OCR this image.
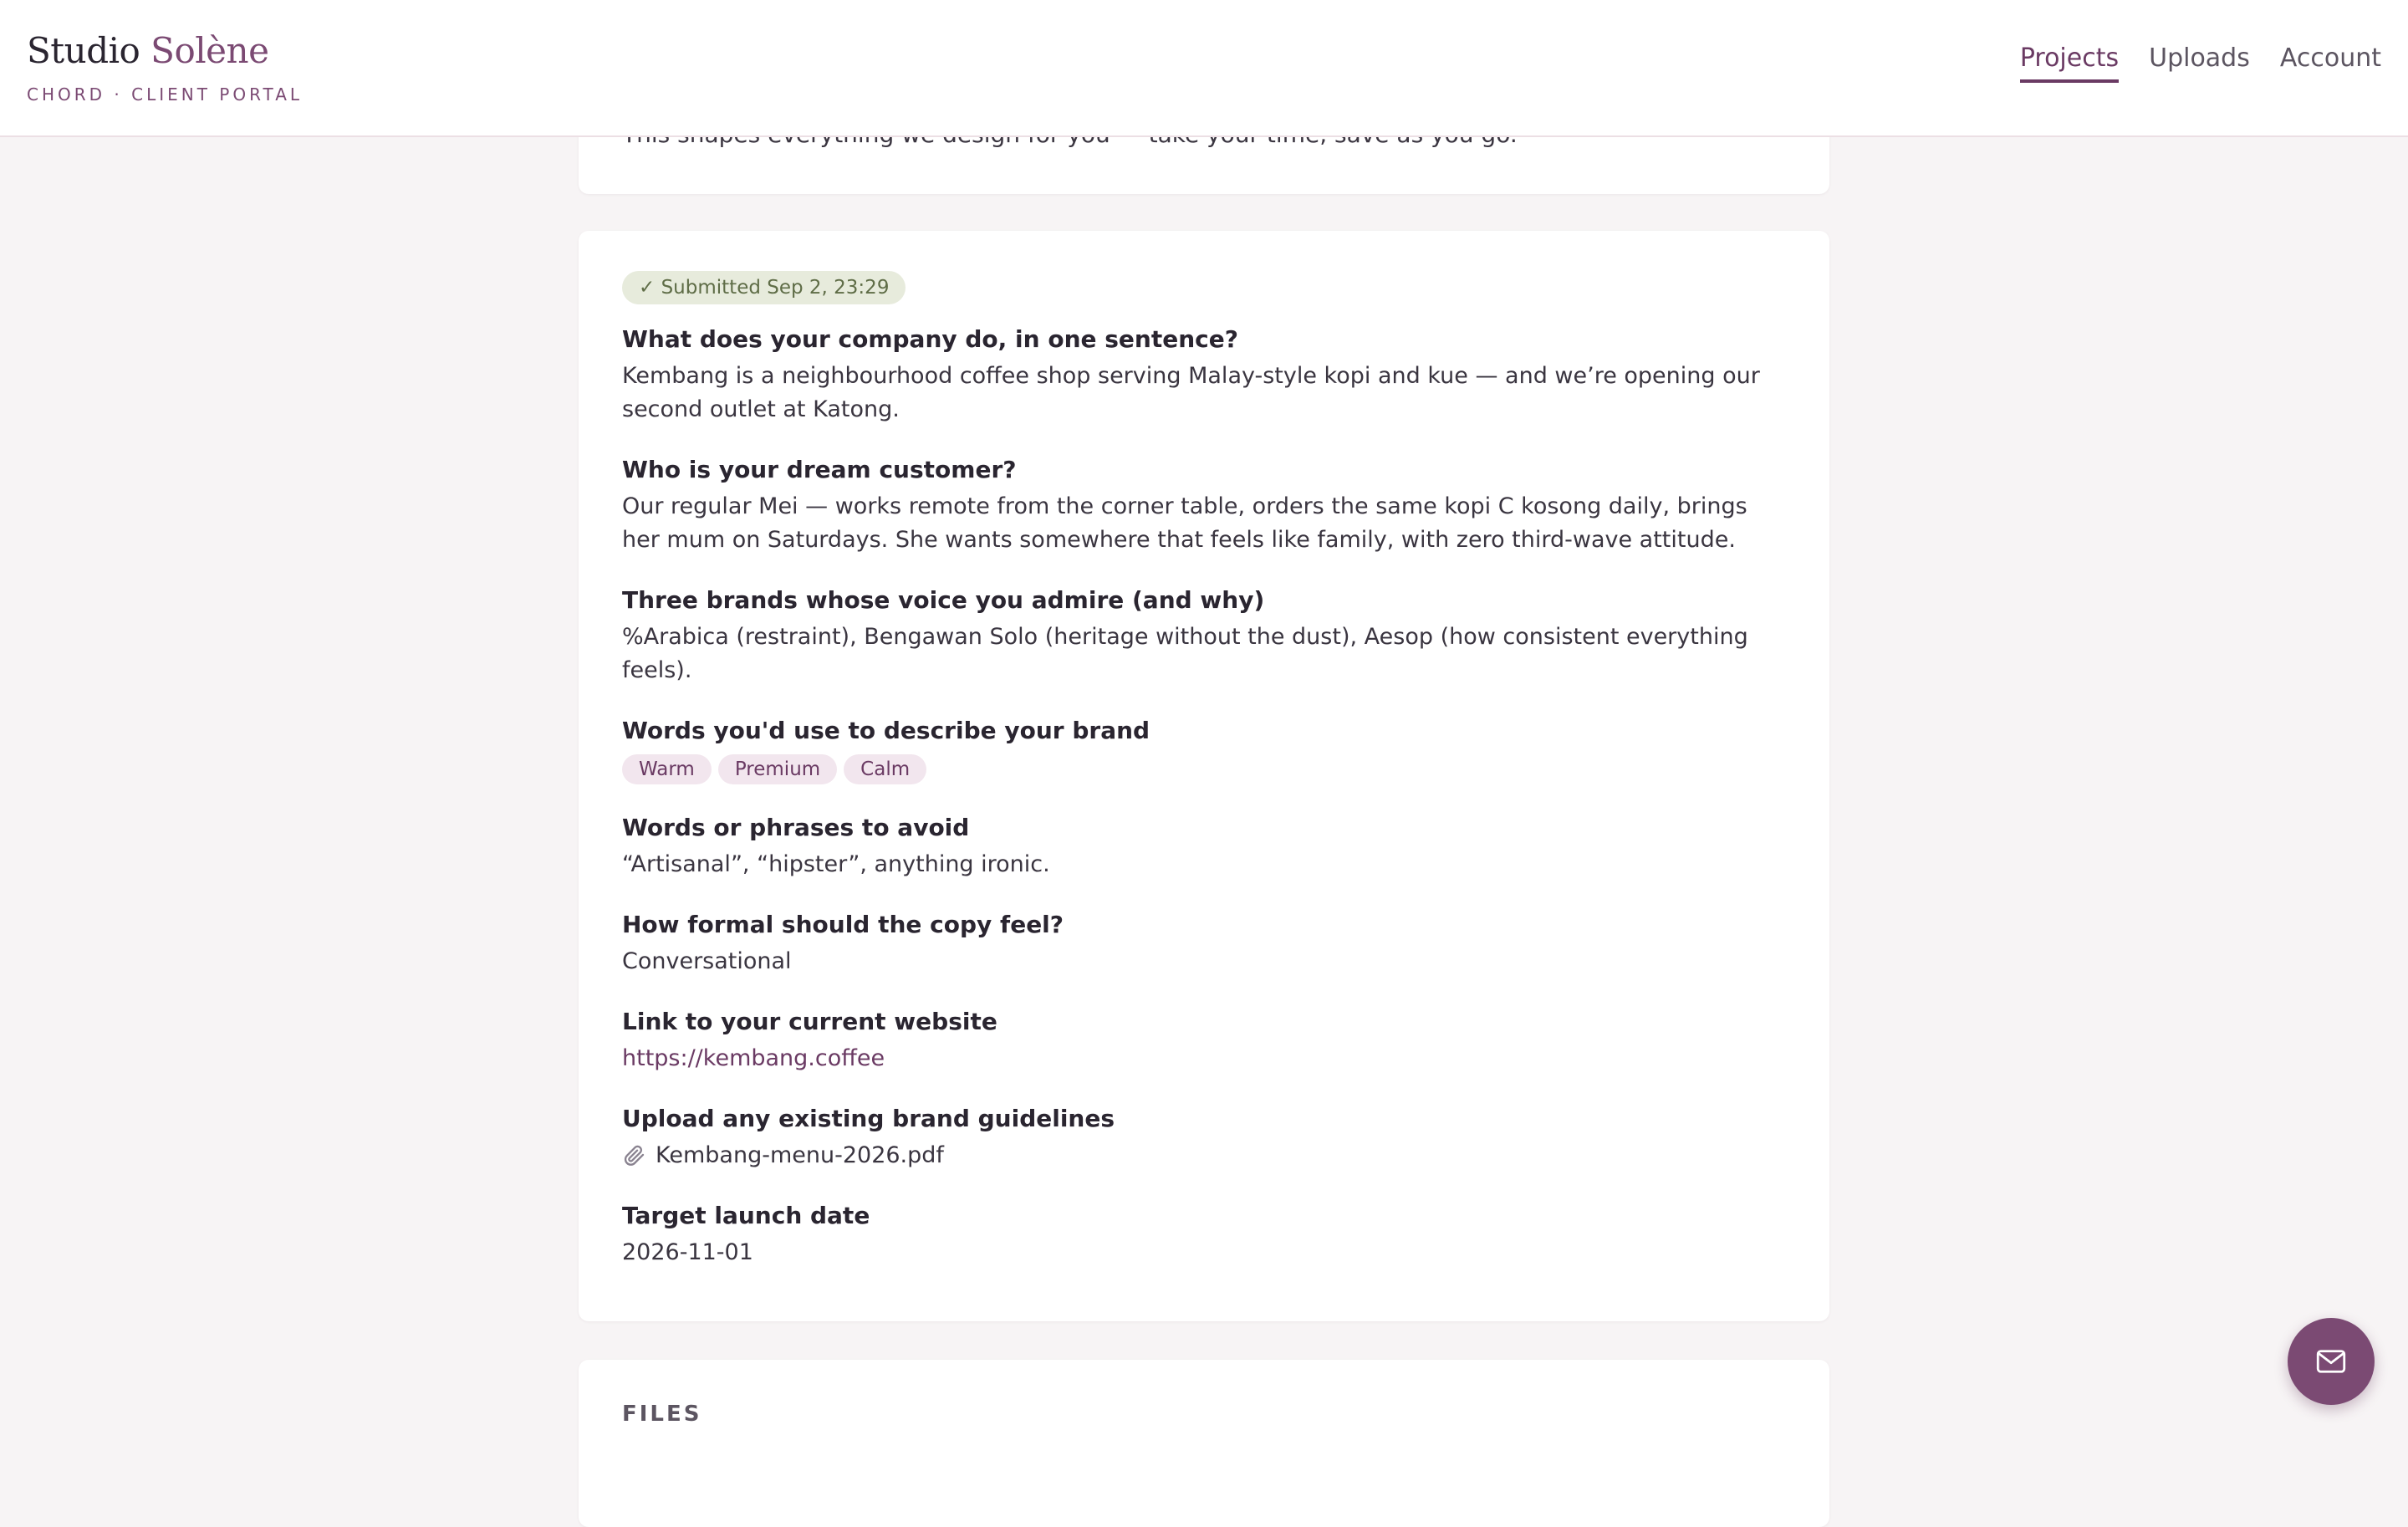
Studio Solène
CHORD · CLIENT PORTAL
Projects Uploads Account
✓ Submitted Sep 2, 23:29
What does your company do, in one sentence?
Kembang is a neighbourhood coffee shop serving Malay-style kopi and kue — and we’re opening our second outlet at Katong.
Who is your dream customer?
Our regular Mei — works remote from the corner table, orders the same kopi C kosong daily, brings her mum on Saturdays. She wants somewhere that feels like family, with zero third-wave attitude.
Three brands whose voice you admire (and why)
%Arabica (restraint), Bengawan Solo (heritage without the dust), Aesop (how consistent everything feels).
Words you'd use to describe your brand
Warm	Premium	Calm
Words or phrases to avoid
“Artisanal”, “hipster”, anything ironic.
How formal should the copy feel?
Conversational
Link to your current website
https://kembang.coffee
Upload any existing brand guidelines
Kembang-menu-2026.pdf
Target launch date
2026-11-01
FILES
